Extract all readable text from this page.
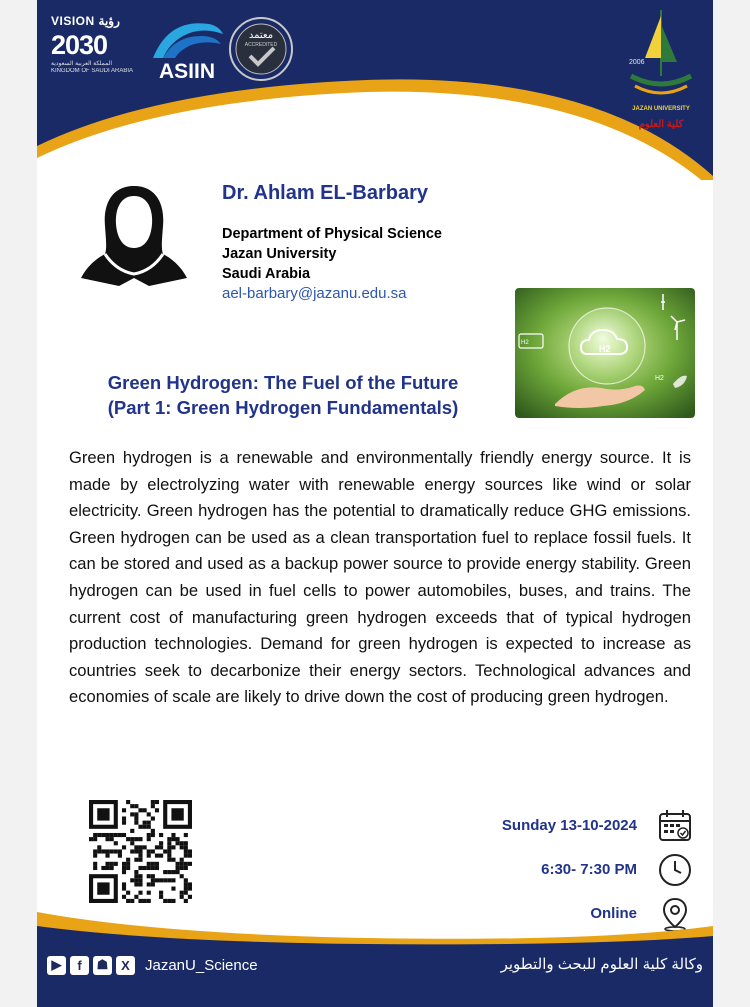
VISION رؤية
2030
المملكة العربية السعودية
KINGDOM OF SAUDI ARABIA	ASIIN
معتمد
ACCREDITED
2006
JAZAN UNIVERSITY
كلية العلوم
Dr. Ahlam EL-Barbary
Department of Physical Science
Jazan University
Saudi Arabia
ael-barbary@jazanu.edu.sa
H2
H2
H2
Green Hydrogen: The Fuel of the Future
(Part 1: Green Hydrogen Fundamentals)
Green hydrogen is a renewable and environmentally friendly energy source. It is made by electrolyzing water with renewable energy sources like wind or solar electricity. Green hydrogen has the potential to dramatically reduce GHG emissions. Green hydrogen can be used as a clean transportation fuel to replace fossil fuels. It can be stored and used as a backup power source to provide energy stability. Green hydrogen can be used in fuel cells to power automobiles, buses, and trains. The current cost of manufacturing green hydrogen exceeds that of typical hydrogen production technologies. Demand for green hydrogen is expected to increase as countries seek to decarbonize their energy sectors. Technological advances and economies of scale are likely to drive down the cost of producing green hydrogen.
Sunday 13-10-2024
6:30- 7:30 PM
Online
▶	f	☗ X	JazanU_Science	وكالة كلية العلوم للبحث والتطوير
